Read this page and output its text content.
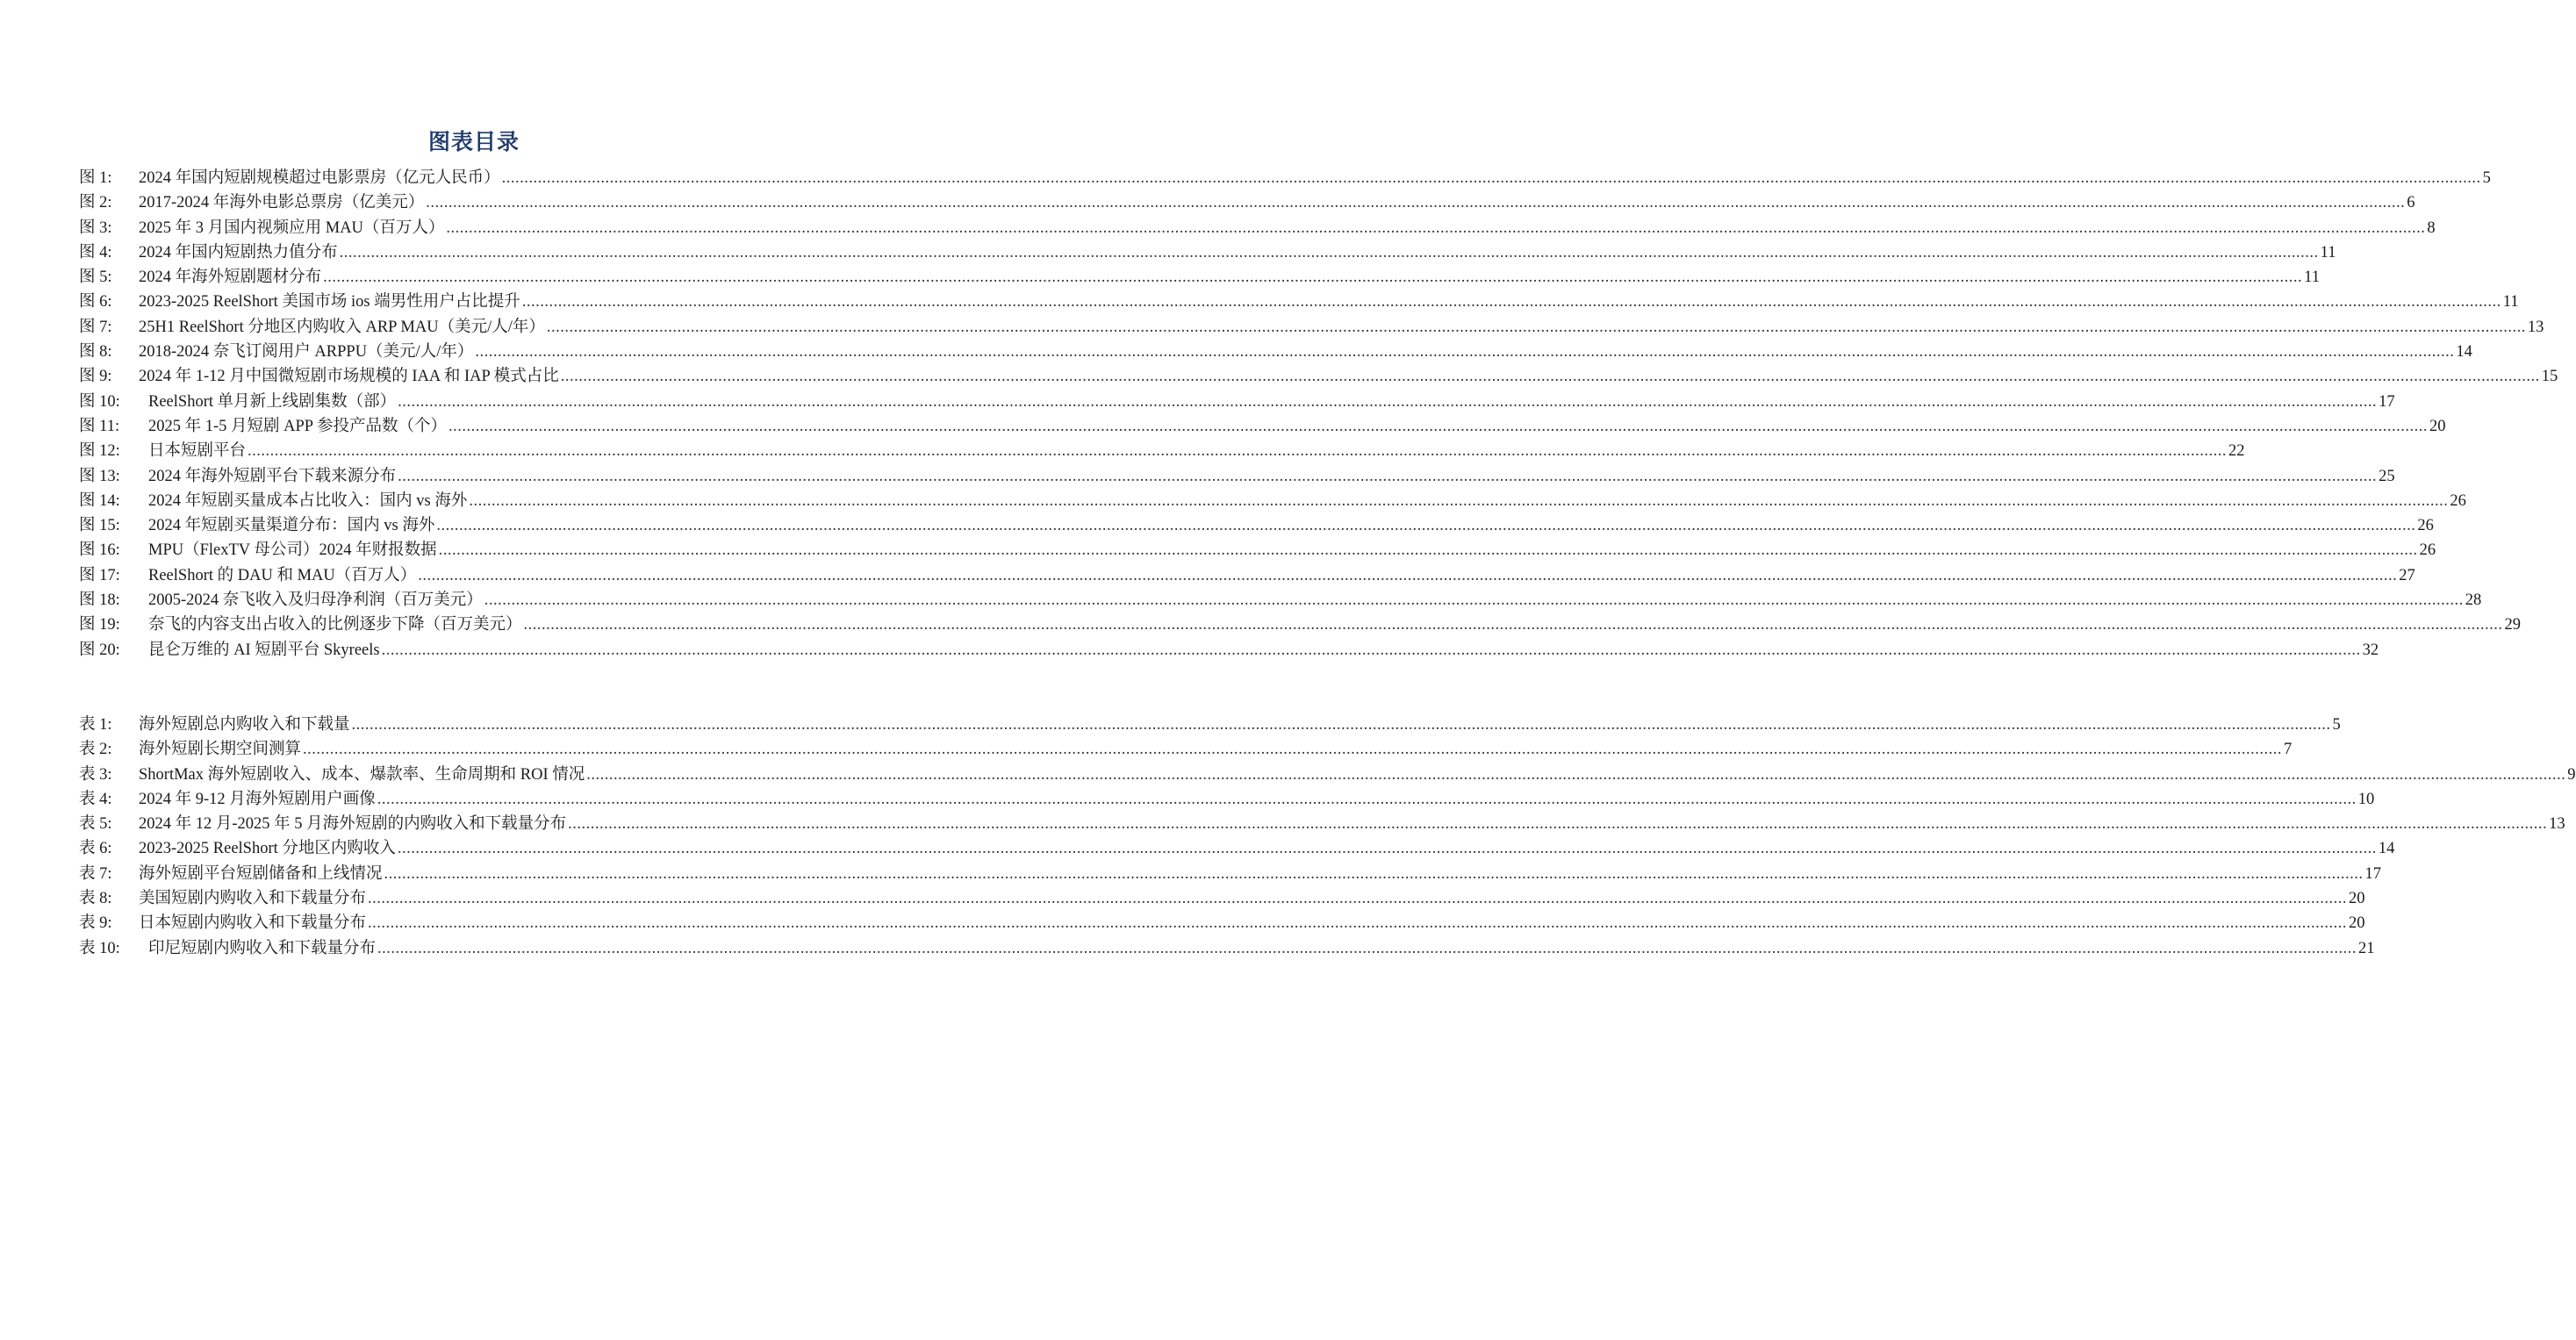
图表目录
图 1:	2024 年国内短剧规模超过电影票房（亿元人民币） .....	5
图 2:	2017-2024 年海外电影总票房（亿美元） .....	6
图 3:	2025 年 3 月国内视频应用 MAU（百万人） .....	8
图 4:	2024 年国内短剧热力值分布 .....	11
图 5:	2024 年海外短剧题材分布 .....	11
图 6:	2023-2025 ReelShort 美国市场 ios 端男性用户占比提升 .....	11
图 7:	25H1 ReelShort 分地区内购收入 ARP MAU（美元/人/年） .....	13
图 8:	2018-2024 奈飞订阅用户 ARPPU（美元/人/年） .....	14
图 9:	2024 年 1-12 月中国微短剧市场规模的 IAA 和 IAP 模式占比 .....	15
图 10:	ReelShort 单月新上线剧集数（部） .....	17
图 11:	2025 年 1-5 月短剧 APP 参投产品数（个） .....	20
图 12:	日本短剧平台 .....	22
图 13:	2024 年海外短剧平台下载来源分布 .....	25
图 14:	2024 年短剧买量成本占比收入：国内 vs 海外 .....	26
图 15:	2024 年短剧买量渠道分布：国内 vs 海外 .....	26
图 16:	MPU（FlexTV 母公司）2024 年财报数据 .....	26
图 17:	ReelShort 的 DAU 和 MAU（百万人） .....	27
图 18:	2005-2024 奈飞收入及归母净利润（百万美元） .....	28
图 19:	奈飞的内容支出占收入的比例逐步下降（百万美元） .....	29
图 20:	昆仑万维的 AI 短剧平台 Skyreels .....	32
表 1:	海外短剧总内购收入和下载量 .....	5
表 2:	海外短剧长期空间测算 .....	7
表 3:	ShortMax 海外短剧收入、成本、爆款率、生命周期和 ROI 情况 .....	9
表 4:	2024 年 9-12 月海外短剧用户画像 .....	10
表 5:	2024 年 12 月-2025 年 5 月海外短剧的内购收入和下载量分布 .....	13
表 6:	2023-2025 ReelShort 分地区内购收入 .....	14
表 7:	海外短剧平台短剧储备和上线情况 .....	17
表 8:	美国短剧内购收入和下载量分布 .....	20
表 9:	日本短剧内购收入和下载量分布 .....	20
表 10:	印尼短剧内购收入和下载量分布 .....	21
